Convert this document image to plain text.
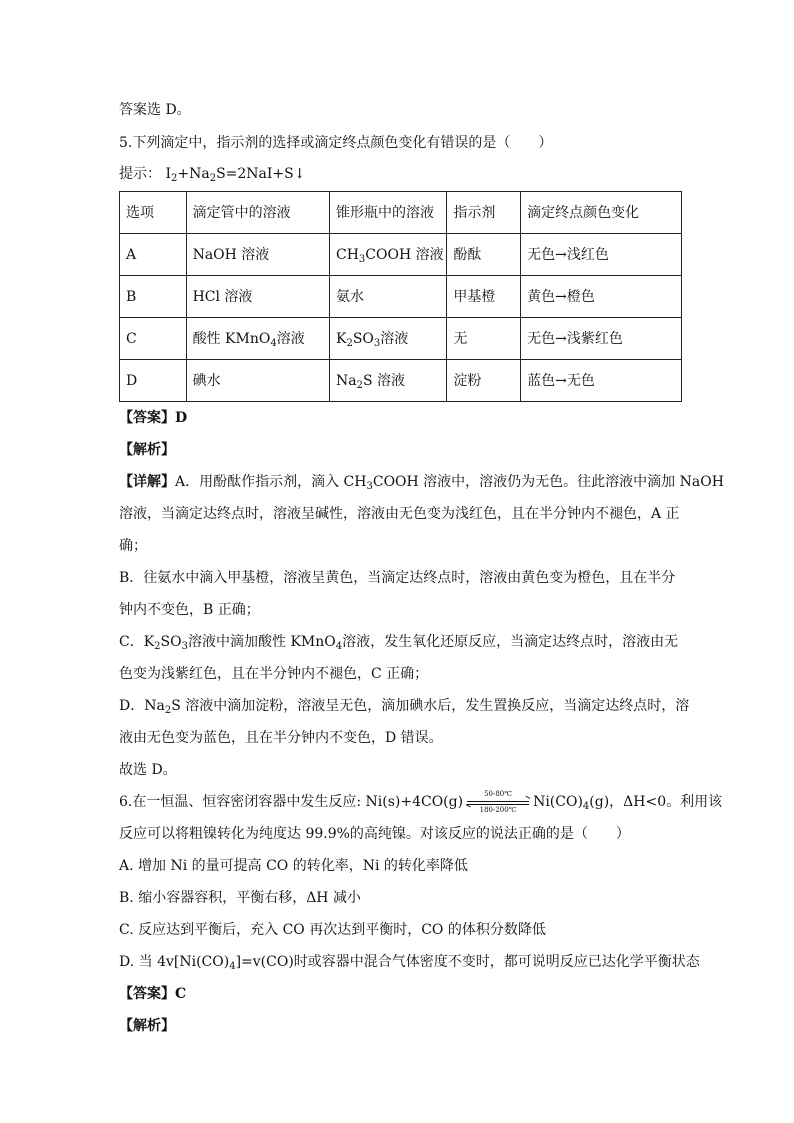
答案选 D。
5.下列滴定中，指示剂的选择或滴定终点颜色变化有错误的是（　　）
提示： $I_2+Na_2S=2NaI+S↓$
选项	滴定管中的溶液	锥形瓶中的溶液	指示剂	滴定终点颜色变化
A	NaOH 溶液	$CH_3COOH$ 溶液	酚酞	无色→浅红色
B	HCl 溶液	氨水	甲基橙	黄色→橙色
C	酸性 KMnO$_4$溶液	$K_2SO_3$溶液	无	无色→浅紫红色
D	碘水	$Na_2S$ 溶液	淀粉	蓝色→无色
【答案】D
【解析】
【详解】A．用酚酞作指示剂，滴入 $CH_3COOH$ 溶液中，溶液仍为无色。往此溶液中滴加 NaOH
溶液，当滴定达终点时，溶液呈碱性，溶液由无色变为浅红色，且在半分钟内不褪色，A 正
确；
B．往氨水中滴入甲基橙，溶液呈黄色，当滴定达终点时，溶液由黄色变为橙色，且在半分
钟内不变色，B 正确；
C．$K_2SO_3$溶液中滴加酸性 KMnO$_4$溶液，发生氧化还原反应，当滴定达终点时，溶液由无
色变为浅紫红色，且在半分钟内不褪色，C 正确；
D．$Na_2S$ 溶液中滴加淀粉，溶液呈无色，滴加碘水后，发生置换反应，当滴定达终点时，溶
液由无色变为蓝色，且在半分钟内不变色，D 错误。
故选 D。
6.在一恒温、恒容密闭容器中发生反应: Ni(s)+4CO(g)	50-80℃
180-200℃	$Ni(CO)_4(g)$，ΔH<0。利用该
反应可以将粗镍转化为纯度达 99.9%的高纯镍。对该反应的说法正确的是（　　）
A. 增加 Ni 的量可提高 CO 的转化率，Ni 的转化率降低
B. 缩小容器容积，平衡右移，ΔH 减小
C. 反应达到平衡后，充入 CO 再次达到平衡时，CO 的体积分数降低
D. 当 $4v[Ni(CO)_4]=v(CO)$时或容器中混合气体密度不变时，都可说明反应已达化学平衡状态
【答案】C
【解析】
